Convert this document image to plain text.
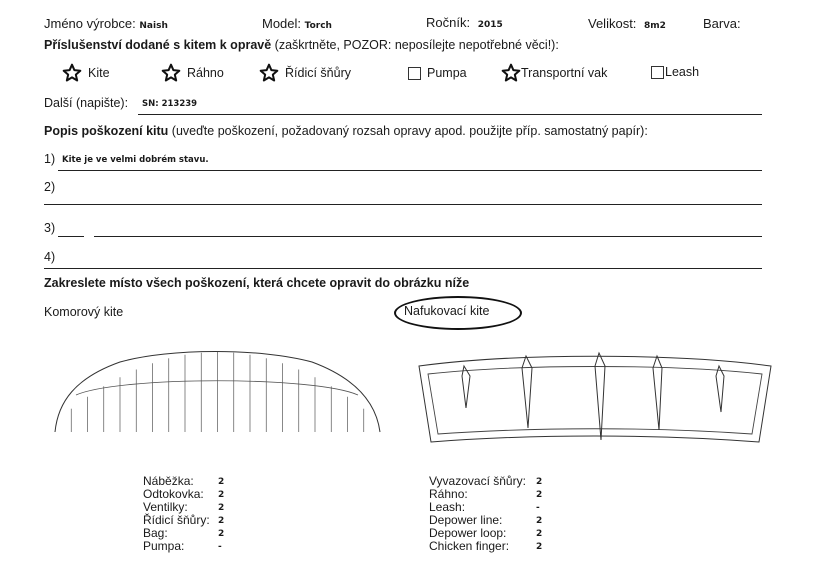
Jméno výrobce: Naish	Model: Torch	Ročník: 2015	Velikost: 8m2	Barva:
Příslušenství dodané s kitem k opravě (zaškrtněte, POZOR: neposílejte nepotřebné věci!):
Kite	Ráhno	Řídicí šňůry	Pumpa	Transportní vak	Leash
Další (napište): SN: 213239
Popis poškození kitu (uveďte poškození, požadovaný rozsah opravy apod. použijte příp. samostatný papír):
1) Kite je ve velmi dobrém stavu.
2)
3)
4)
Zakreslete místo všech poškození, která chcete opravit do obrázku níže
Komorový kite	Nafukovací kite
Náběžka:	2
Odtokovka: 2
Ventilky:	2
Řídicí šňůry: 2
Bag:	2
Pumpa:	-
Vyvazovací šňůry: 2
Ráhno:	2
Leash:	-
Depower line:	2
Depower loop:	2
Chicken finger:	2
